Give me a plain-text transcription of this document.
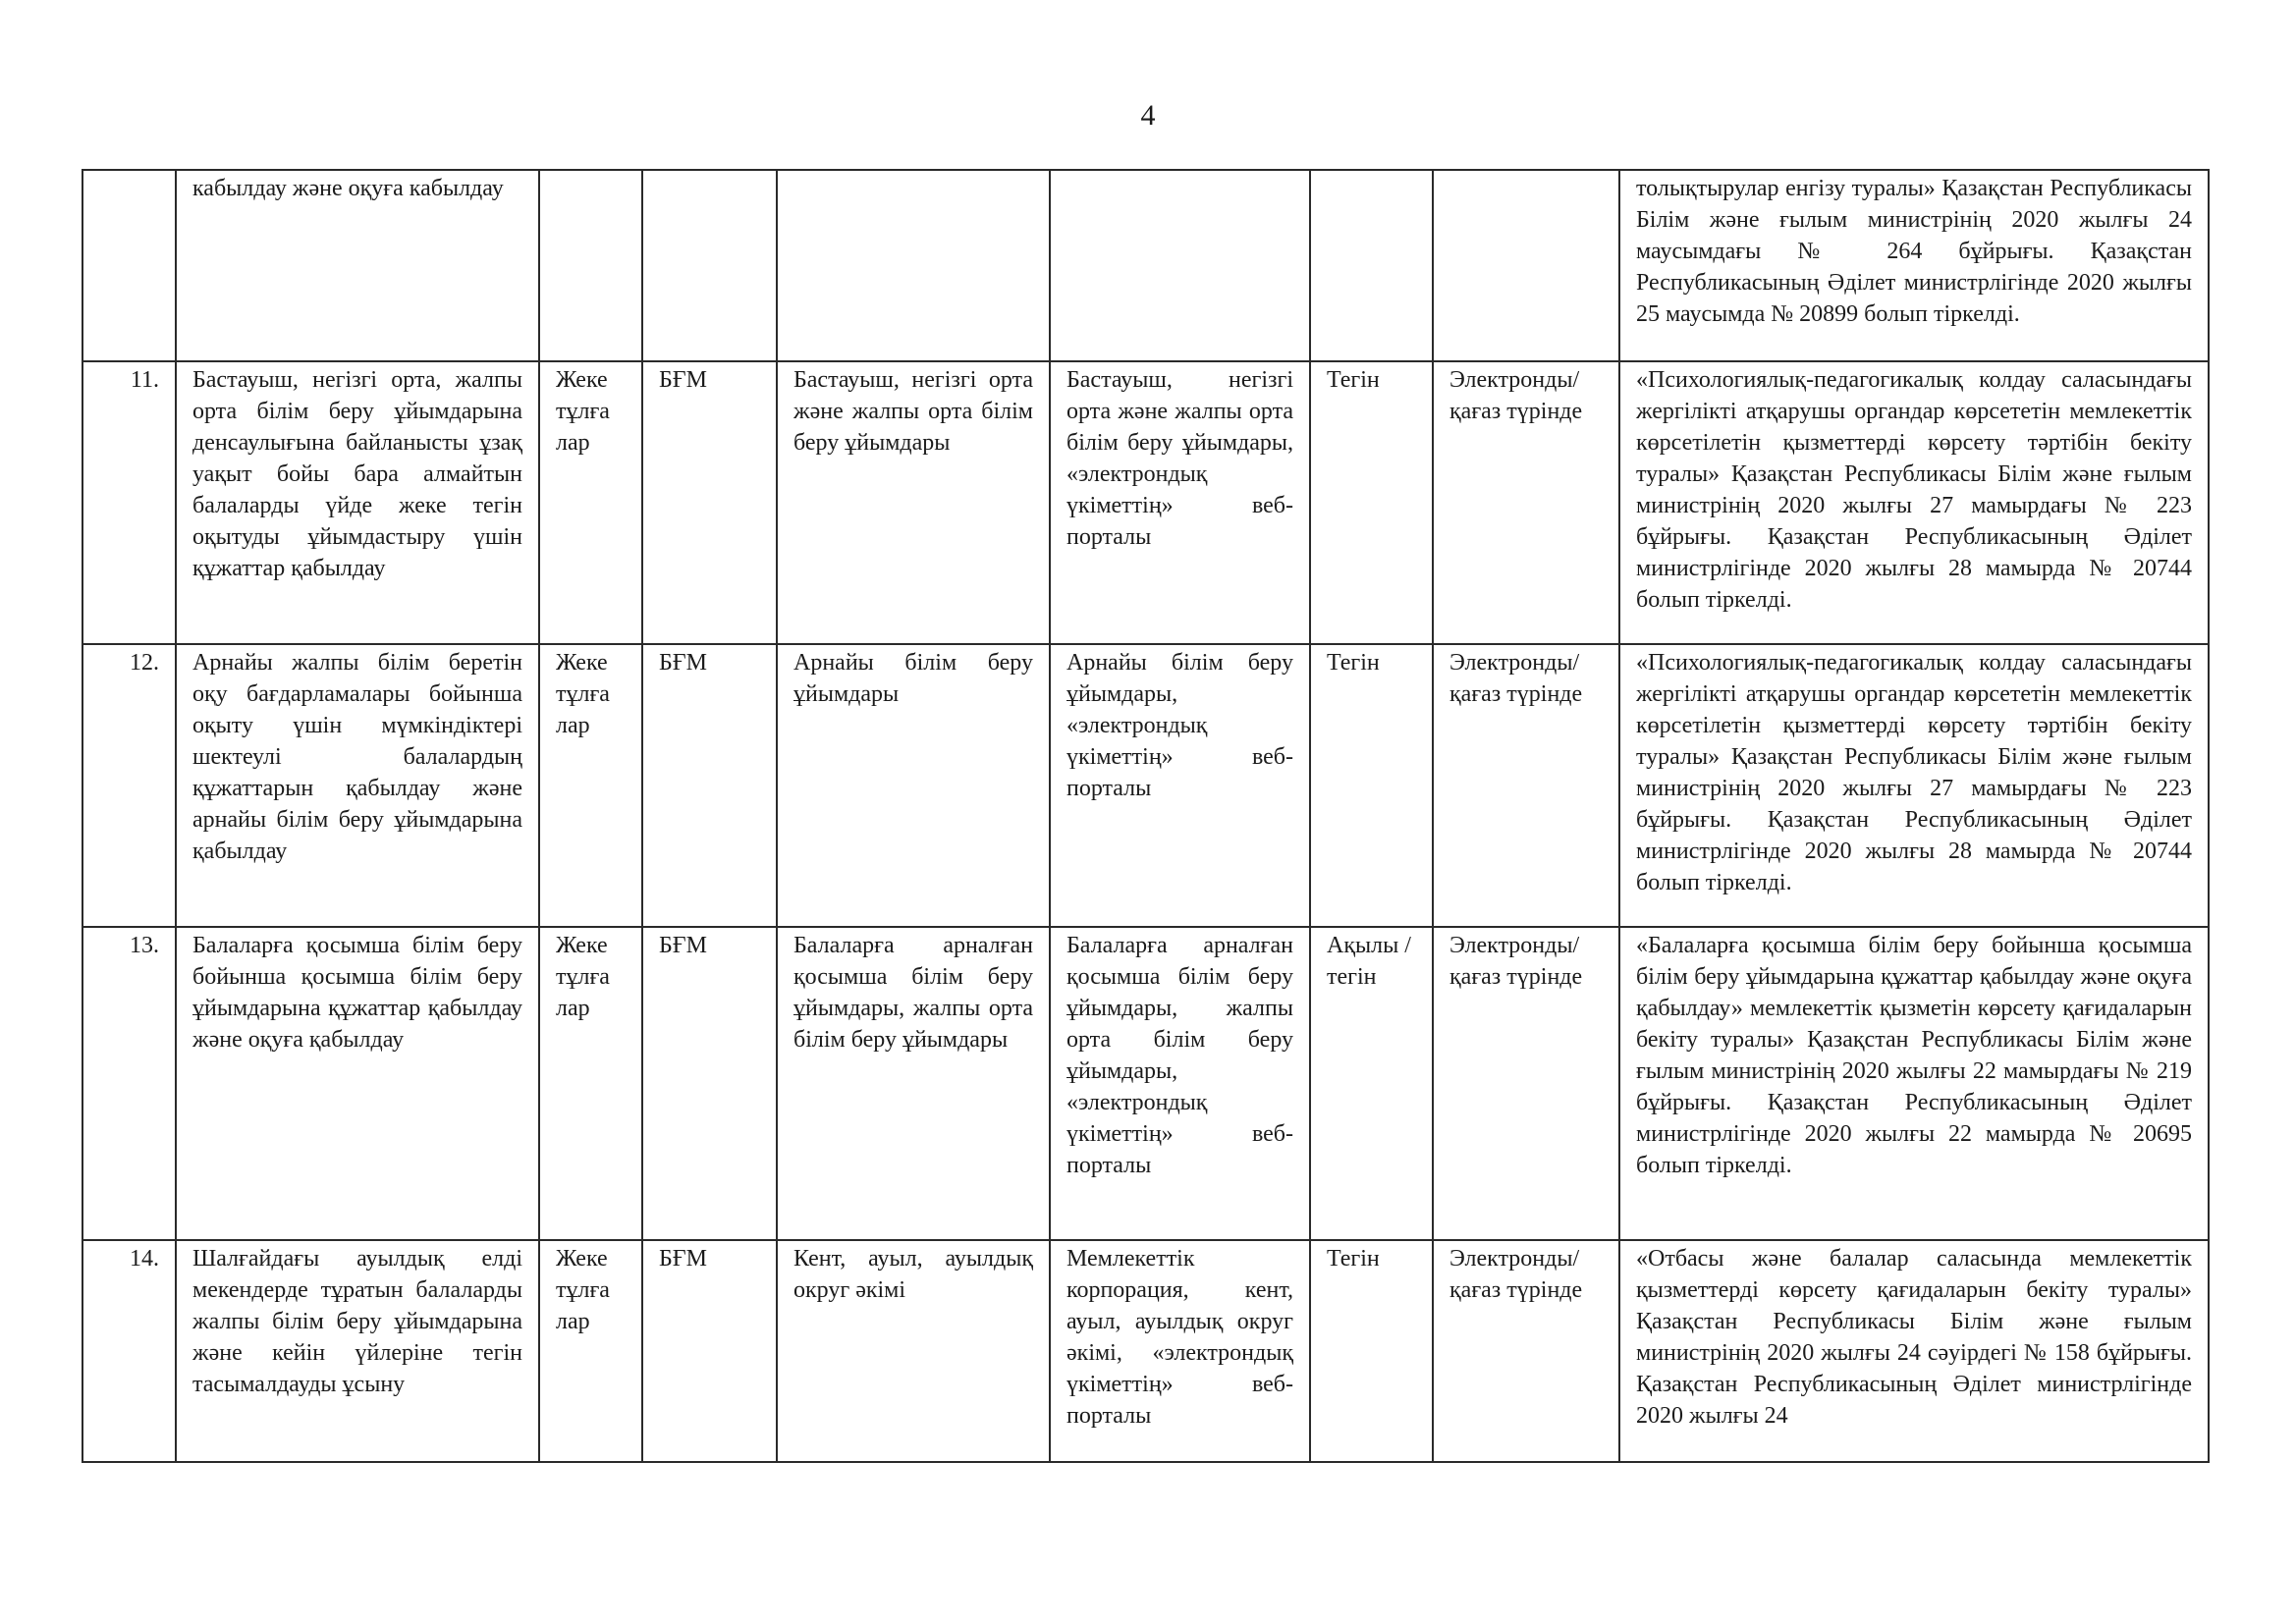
4
	кабылдау және оқуға кабылдау							толықтырулар енгізу туралы» Қазақстан Республикасы Білім және ғылым министрінің 2020 жылғы 24 маусымдағы № 264 бұйрығы. Қазақстан Республикасының Әділет министрлігінде 2020 жылғы 25 маусымда № 20899 болып тіркелді.
11.	Бастауыш, негізгі орта, жалпы орта білім беру ұйымдарына денсаулығына байланысты ұзақ уақыт бойы бара алмайтын балаларды үйде жеке тегін оқытуды ұйымдастыру үшін құжаттар қабылдау	Жеке тұлға лар	БҒМ	Бастауыш, негізгі орта және жалпы орта білім беру ұйымдары	Бастауыш, негізгі орта және жалпы орта білім беру ұйымдары, «электрондық үкіметтің» веб-порталы	Тегін	Электронды/ қағаз түрінде	«Психологиялық-педагогикалық колдау саласындағы жергілікті атқарушы органдар көрсететін мемлекеттік көрсетілетін қызметтерді көрсету тәртібін бекіту туралы» Қазақстан Республикасы Білім және ғылым министрінің 2020 жылғы 27 мамырдағы № 223 бұйрығы. Қазақстан Республикасының Әділет министрлігінде 2020 жылғы 28 мамырда № 20744 болып тіркелді.
12.	Арнайы жалпы білім беретін оқу бағдарламалары бойынша оқыту үшін мүмкіндіктері шектеулі балалардың құжаттарын қабылдау және арнайы білім беру ұйымдарына қабылдау	Жеке тұлға лар	БҒМ	Арнайы білім беру ұйымдары	Арнайы білім беру ұйымдары, «электрондық үкіметтің» веб-порталы	Тегін	Электронды/ қағаз түрінде	«Психологиялық-педагогикалық колдау саласындағы жергілікті атқарушы органдар көрсететін мемлекеттік көрсетілетін қызметтерді көрсету тәртібін бекіту туралы» Қазақстан Республикасы Білім және ғылым министрінің 2020 жылғы 27 мамырдағы № 223 бұйрығы. Қазақстан Республикасының Әділет министрлігінде 2020 жылғы 28 мамырда № 20744 болып тіркелді.
13.	Балаларға қосымша білім беру бойынша қосымша білім беру ұйымдарына құжаттар қабылдау және оқуға қабылдау	Жеке тұлға лар	БҒМ	Балаларға арналған қосымша білім беру ұйымдары, жалпы орта білім беру ұйымдары	Балаларға арналған қосымша білім беру ұйымдары, жалпы орта білім беру ұйымдары, «электрондық үкіметтің» веб-порталы	Ақылы /тегін	Электронды/ қағаз түрінде	«Балаларға қосымша білім беру бойынша қосымша білім беру ұйымдарына құжаттар қабылдау және оқуға қабылдау» мемлекеттік қызметін көрсету қағидаларын бекіту туралы» Қазақстан Республикасы Білім және ғылым министрінің 2020 жылғы 22 мамырдағы № 219 бұйрығы. Қазақстан Республикасының Әділет министрлігінде 2020 жылғы 22 мамырда № 20695 болып тіркелді.
14.	Шалғайдағы ауылдық елді мекендерде тұратын балаларды жалпы білім беру ұйымдарына және кейін үйлеріне тегін тасымалдауды ұсыну	Жеке тұлға лар	БҒМ	Кент, ауыл, ауылдық округ әкімі	Мемлекеттік корпорация, кент, ауыл, ауылдық округ әкімі, «электрондық үкіметтің» веб-порталы	Тегін	Электронды/ қағаз түрінде	«Отбасы және балалар саласында мемлекеттік қызметтерді көрсету қағидаларын бекіту туралы» Қазақстан Республикасы Білім және ғылым министрінің 2020 жылғы 24 сәуірдегі № 158 бұйрығы. Қазақстан Республикасының Әділет министрлігінде 2020 жылғы 24
